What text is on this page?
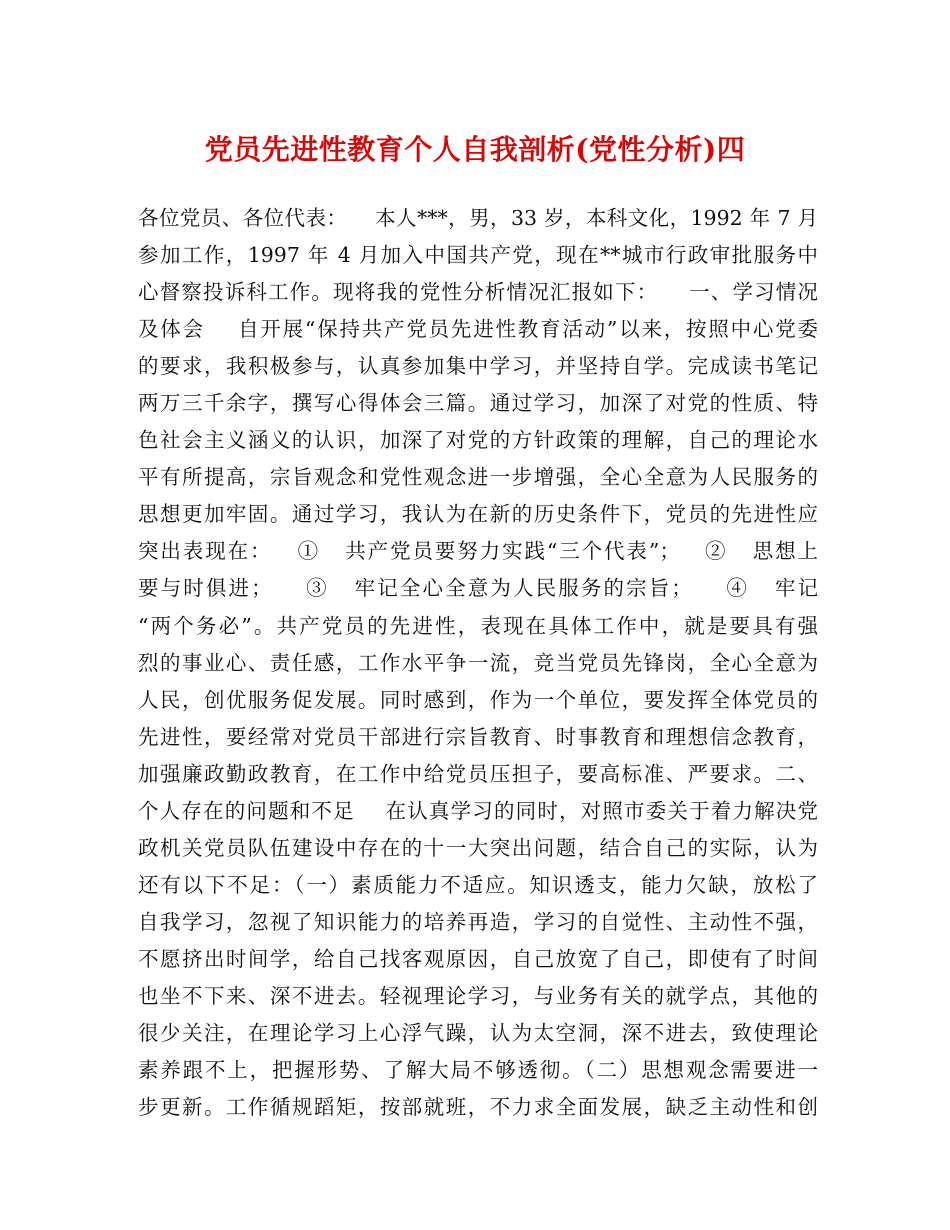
党员先进性教育个人自我剖析(党性分析)四
各位党员、各位代表：    本人***，男，33 岁，本科文化，1992 年 7 月
参加工作，1997 年 4 月加入中国共产党，现在**城市行政审批服务中
心督察投诉科工作。现将我的党性分析情况汇报如下：    一、学习情况
及体会    自开展“保持共产党员先进性教育活动”以来，按照中心党委
的要求，我积极参与，认真参加集中学习，并坚持自学。完成读书笔记
两万三千余字，撰写心得体会三篇。通过学习，加深了对党的性质、特
色社会主义涵义的认识，加深了对党的方针政策的理解，自己的理论水
平有所提高，宗旨观念和党性观念进一步增强，全心全意为人民服务的
思想更加牢固。通过学习，我认为在新的历史条件下，党员的先进性应
突出表现在：   ①   共产党员要努力实践“三个代表”；   ②   思想上
要与时俱进；    ③   牢记全心全意为人民服务的宗旨；    ④   牢记
“两个务必”。共产党员的先进性，表现在具体工作中，就是要具有强
烈的事业心、责任感，工作水平争一流，竞当党员先锋岗，全心全意为
人民，创优服务促发展。同时感到，作为一个单位，要发挥全体党员的
先进性，要经常对党员干部进行宗旨教育、时事教育和理想信念教育，
加强廉政勤政教育，在工作中给党员压担子，要高标准、严要求。二、
个人存在的问题和不足    在认真学习的同时，对照市委关于着力解决党
政机关党员队伍建设中存在的十一大突出问题，结合自己的实际，认为
还有以下不足：（一）素质能力不适应。知识透支，能力欠缺，放松了
自我学习，忽视了知识能力的培养再造，学习的自觉性、主动性不强，
不愿挤出时间学，给自己找客观原因，自己放宽了自己，即使有了时间
也坐不下来、深不进去。轻视理论学习，与业务有关的就学点，其他的
很少关注，在理论学习上心浮气躁，认为太空洞，深不进去，致使理论
素养跟不上，把握形势、了解大局不够透彻。（二）思想观念需要进一
步更新。工作循规蹈矩，按部就班，不力求全面发展，缺乏主动性和创
